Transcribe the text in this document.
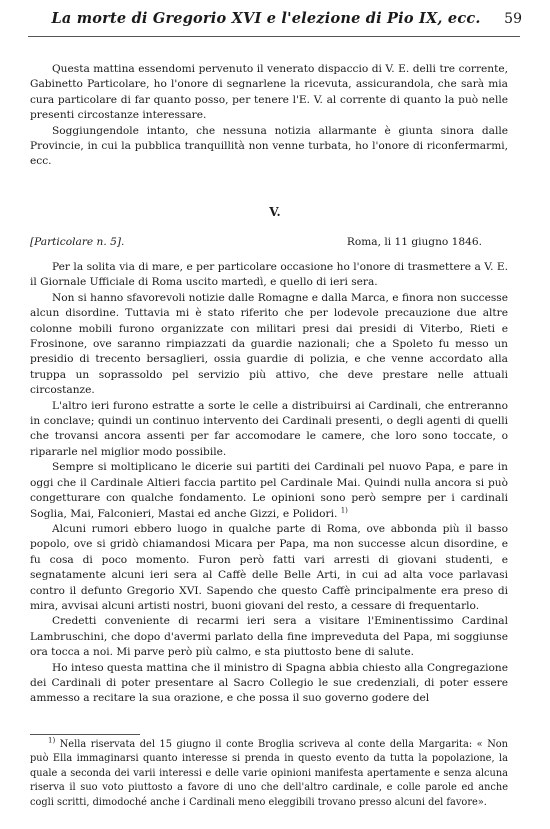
La morte di Gregorio XVI e l'elezione di Pio IX, ecc.	59

Questa mattina essendomi pervenuto il venerato dispaccio di V. E. delli tre corrente, Gabinetto Particolare, ho l'onore di segnarlene la ricevuta, assicurandola, che sarà mia cura particolare di far quanto posso, per tenere l'E. V. al corrente di quanto la può nelle presenti circostanze interessare.

Soggiungendole intanto, che nessuna notizia allarmante è giunta sinora dalle Provincie, in cui la pubblica tranquillità non venne turbata, ho l'onore di riconfermarmi, ecc.

V.
[Particolare n. 5].	Roma, li 11 giugno 1846.

Per la solita via di mare, e per particolare occasione ho l'onore di trasmettere a V. E. il Giornale Ufficiale di Roma uscito martedì, e quello di ieri sera.

Non si hanno sfavorevoli notizie dalle Romagne e dalla Marca, e finora non successe alcun disordine. Tuttavia mi è stato riferito che per lodevole precauzione due altre colonne mobili furono organizzate con militari presi dai presidi di Viterbo, Rieti e Frosinone, ove saranno rimpiazzati da guardie nazionali; che a Spoleto fu messo un presidio di trecento bersaglieri, ossia guardie di polizia, e che venne accordato alla truppa un soprassoldo pel servizio più attivo, che deve prestare nelle attuali circostanze.

L'altro ieri furono estratte a sorte le celle a distribuirsi ai Cardinali, che entreranno in conclave; quindi un continuo intervento dei Cardinali presenti, o degli agenti di quelli che trovansi ancora assenti per far accomodare le camere, che loro sono toccate, o ripararle nel miglior modo possibile.

Sempre si moltiplicano le dicerie sui partiti dei Cardinali pel nuovo Papa, e pare in oggi che il Cardinale Altieri faccia partito pel Cardinale Mai. Quindi nulla ancora si può congetturare con qualche fondamento. Le opinioni sono però sempre per i cardinali Soglia, Mai, Falconieri, Mastai ed anche Gizzi, e Polidori. $^{1)}$

Alcuni rumori ebbero luogo in qualche parte di Roma, ove abbonda più il basso popolo, ove si gridò chiamandosi Micara per Papa, ma non successe alcun disordine, e fu cosa di poco momento. Furon però fatti vari arresti di giovani studenti, e segnatamente alcuni ieri sera al Caffè delle Belle Arti, in cui ad alta voce parlavasi contro il defunto Gregorio XVI. Sapendo che questo Caffè principalmente era preso di mira, avvisai alcuni artisti nostri, buoni giovani del resto, a cessare di frequentarlo.

Credetti conveniente di recarmi ieri sera a visitare l'Eminentissimo Cardinal Lambruschini, che dopo d'avermi parlato della fine impreveduta del Papa, mi soggiunse ora tocca a noi. Mi parve però più calmo, e sta piuttosto bene di salute.

Ho inteso questa mattina che il ministro di Spagna abbia chiesto alla Congregazione dei Cardinali di poter presentare al Sacro Collegio le sue credenziali, di poter essere ammesso a recitare la sua orazione, e che possa il suo governo godere del

$^{1)}$ Nella riservata del 15 giugno il conte Broglia scriveva al conte della Margarita: « Non può Ella immaginarsi quanto interesse si prenda in questo evento da tutta la popolazione, la quale a seconda dei varii interessi e delle varie opinioni manifesta apertamente e senza alcuna riserva il suo voto piuttosto a favore di uno che dell'altro cardinale, e colle parole ed anche cogli scritti, dimodoché anche i Cardinali meno eleggibili trovano presso alcuni del favore».
